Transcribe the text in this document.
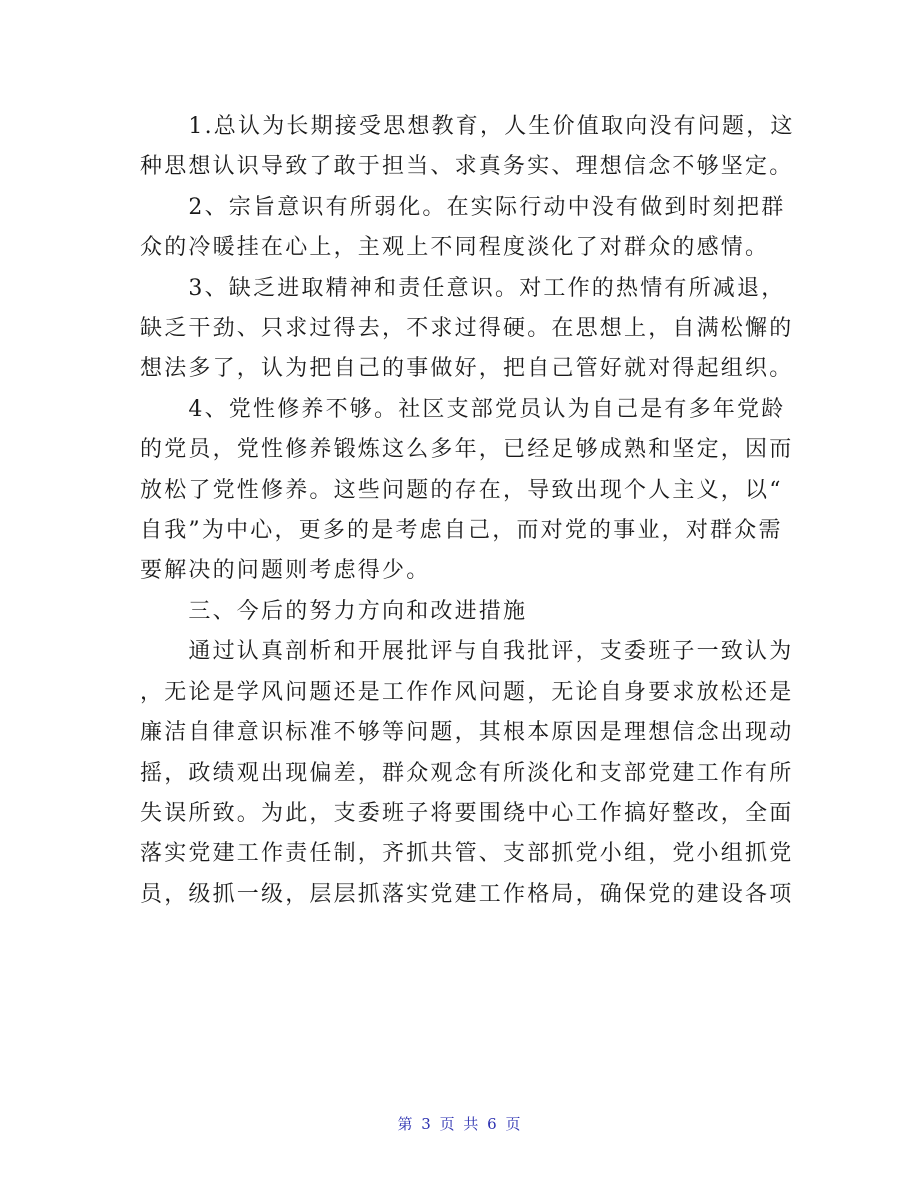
　　1.总认为长期接受思想教育，人生价值取向没有问题，这
种思想认识导致了敢于担当、求真务实、理想信念不够坚定。

　　2、宗旨意识有所弱化。在实际行动中没有做到时刻把群
众的冷暖挂在心上，主观上不同程度淡化了对群众的感情。

　　3、缺乏进取精神和责任意识。对工作的热情有所减退，
缺乏干劲、只求过得去，不求过得硬。在思想上，自满松懈的
想法多了，认为把自己的事做好，把自己管好就对得起组织。

　　4、党性修养不够。社区支部党员认为自己是有多年党龄
的党员，党性修养锻炼这么多年，已经足够成熟和坚定，因而
放松了党性修养。这些问题的存在，导致出现个人主义，以“
自我”为中心，更多的是考虑自己，而对党的事业，对群众需
要解决的问题则考虑得少。

　　三、今后的努力方向和改进措施

　　通过认真剖析和开展批评与自我批评，支委班子一致认为
，无论是学风问题还是工作作风问题，无论自身要求放松还是
廉洁自律意识标准不够等问题，其根本原因是理想信念出现动
摇，政绩观出现偏差，群众观念有所淡化和支部党建工作有所
失误所致。为此，支委班子将要围绕中心工作搞好整改，全面
落实党建工作责任制，齐抓共管、支部抓党小组，党小组抓党
员，级抓一级，层层抓落实党建工作格局，确保党的建设各项

第 3 页 共 6 页
